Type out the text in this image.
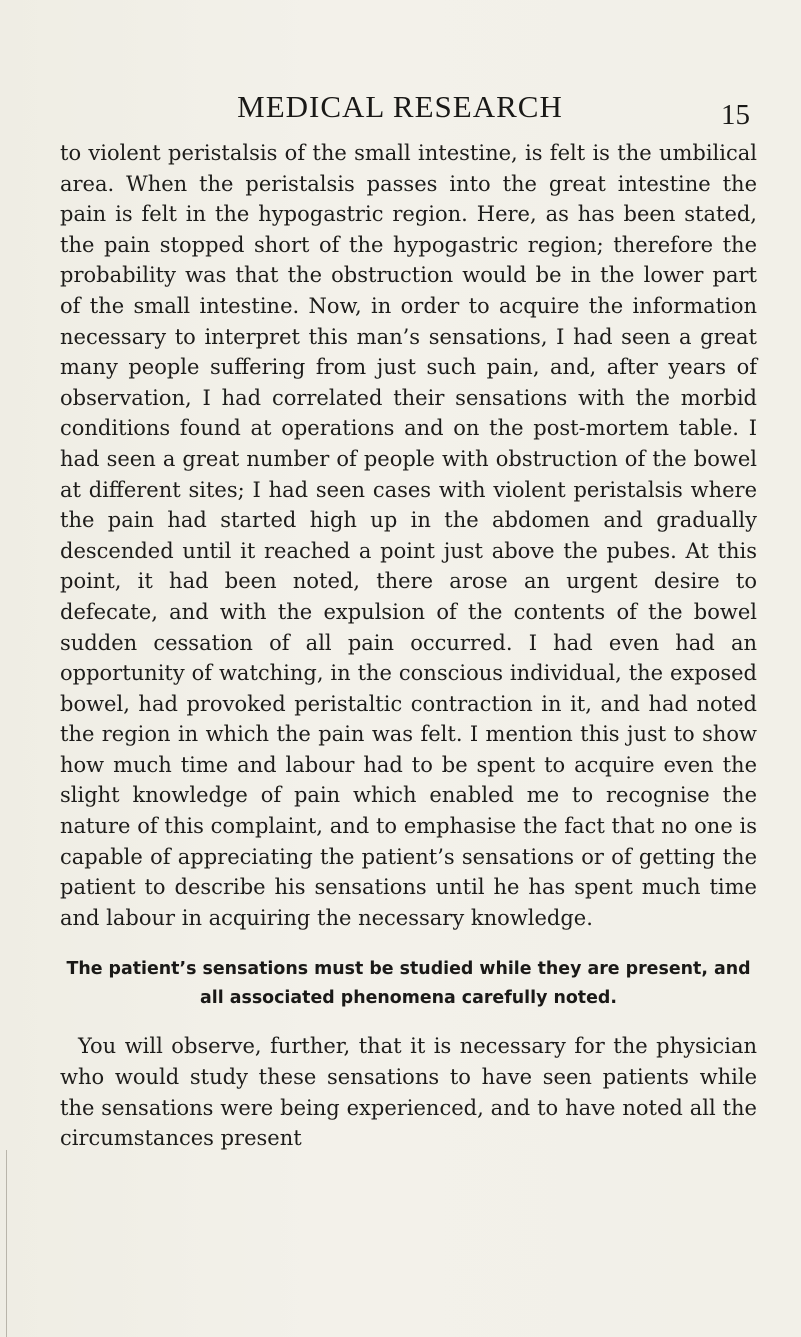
MEDICAL RESEARCH	15

to violent peristalsis of the small intestine, is felt is the umbilical area. When the peristalsis passes into the great intestine the pain is felt in the hypogastric region. Here, as has been stated, the pain stopped short of the hypogastric region; therefore the probability was that the obstruction would be in the lower part of the small intestine. Now, in order to acquire the information necessary to interpret this man’s sensations, I had seen a great many people suffering from just such pain, and, after years of observation, I had correlated their sensations with the morbid conditions found at operations and on the post-mortem table. I had seen a great number of people with obstruction of the bowel at different sites; I had seen cases with violent peristalsis where the pain had started high up in the abdomen and gradually descended until it reached a point just above the pubes. At this point, it had been noted, there arose an urgent desire to defecate, and with the expulsion of the contents of the bowel sudden cessation of all pain occurred. I had even had an opportunity of watching, in the conscious individual, the exposed bowel, had provoked peristaltic contraction in it, and had noted the region in which the pain was felt. I mention this just to show how much time and labour had to be spent to acquire even the slight knowledge of pain which enabled me to recognise the nature of this complaint, and to emphasise the fact that no one is capable of appreciating the patient’s sensations or of getting the patient to describe his sensations until he has spent much time and labour in acquiring the necessary knowledge.

The patient’s sensations must be studied while they are present, and all associated phenomena carefully noted.

You will observe, further, that it is necessary for the physician who would study these sensations to have seen patients while the sensations were being experienced, and to have noted all the circumstances present
